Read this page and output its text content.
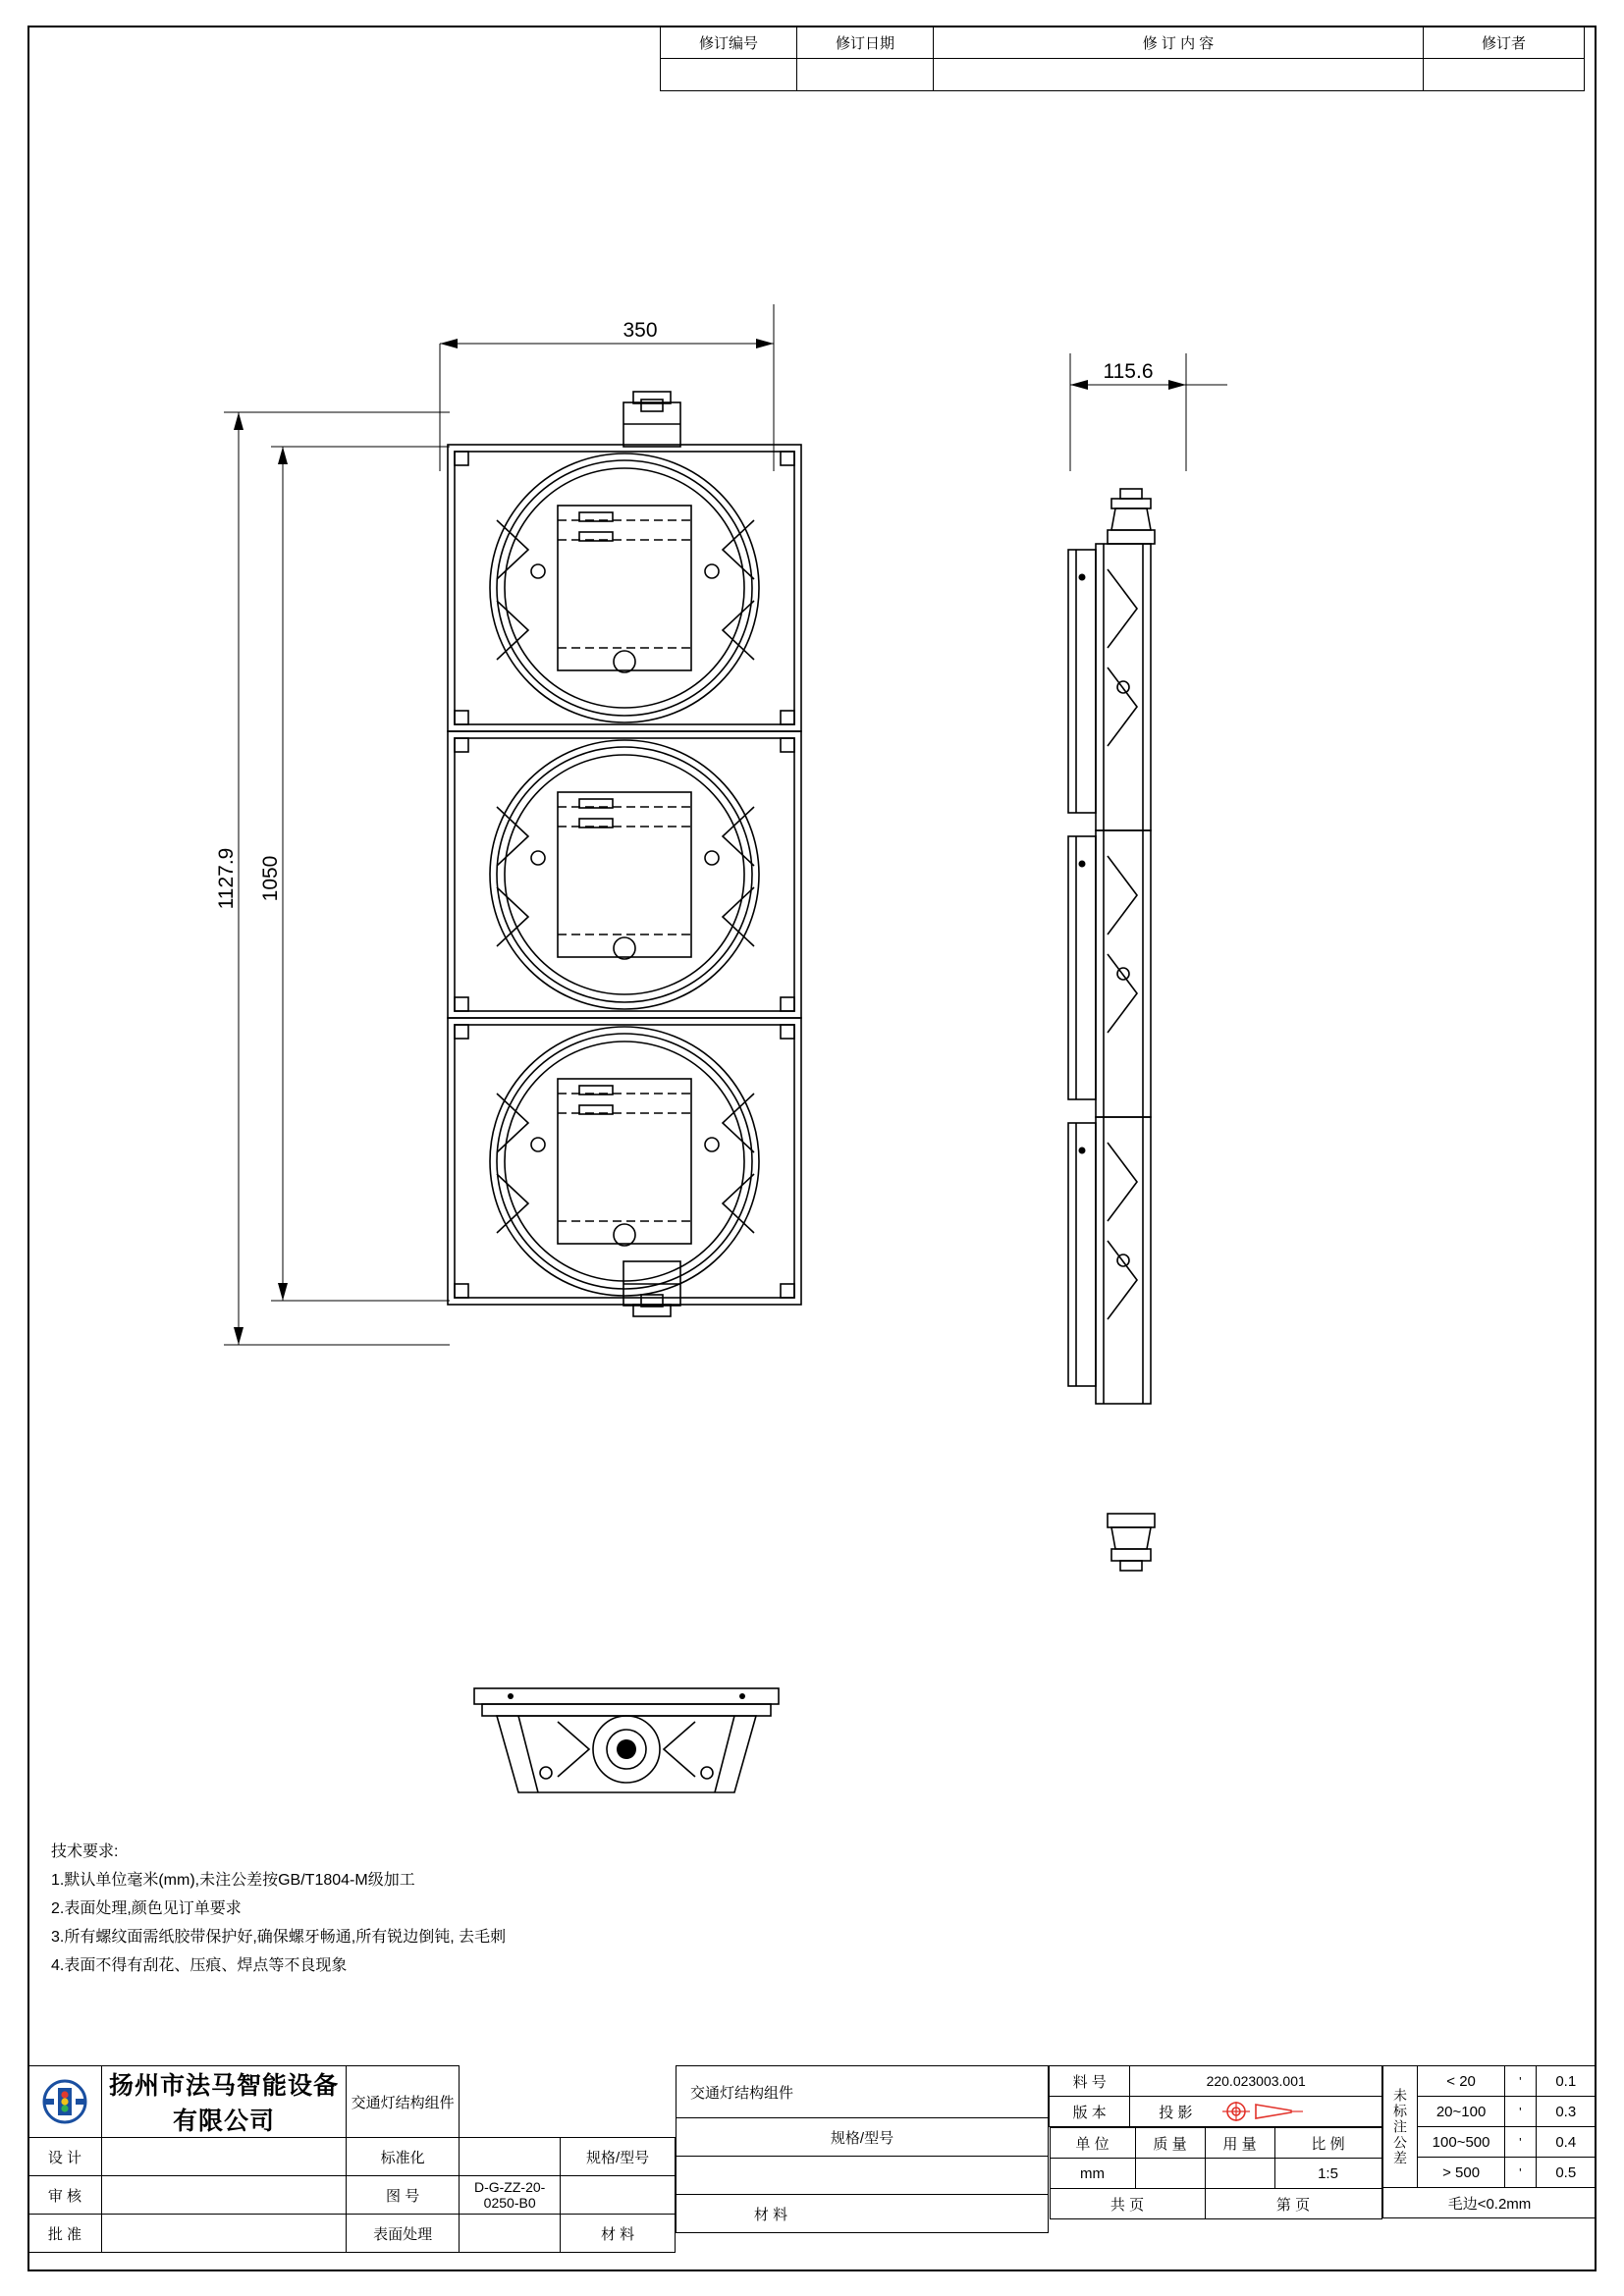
修订编号	修订日期	修 订 内 容	修订者

350
115.6
1127.9 1050
技术要求:
1.默认单位毫米(mm),未注公差按GB/T1804-M级加工
2.表面处理,颜色见订单要求
3.所有螺纹面需纸胶带保护好,确保螺牙畅通,所有锐边倒钝, 去毛刺
4.表面不得有刮花、压痕、焊点等不良现象
	扬州市法马智能设备有限公司	交通灯结构组件		
设 计		标准化		规格/型号
审 核		图 号	D-G-ZZ-20-0250-B0	
批 准		表面处理		材 料
交通灯结构组件
规格/型号

材 料	
料 号	220.023003.001
版 本		投 影	

单 位	质 量	用 量	比 例
mm			1:5
共 页	第 页
未标注公差	< 20	'	0.1
	20~100	'	0.3
	100~500	'	0.4
	> 500	'	0.5
毛边<0.2mm			
